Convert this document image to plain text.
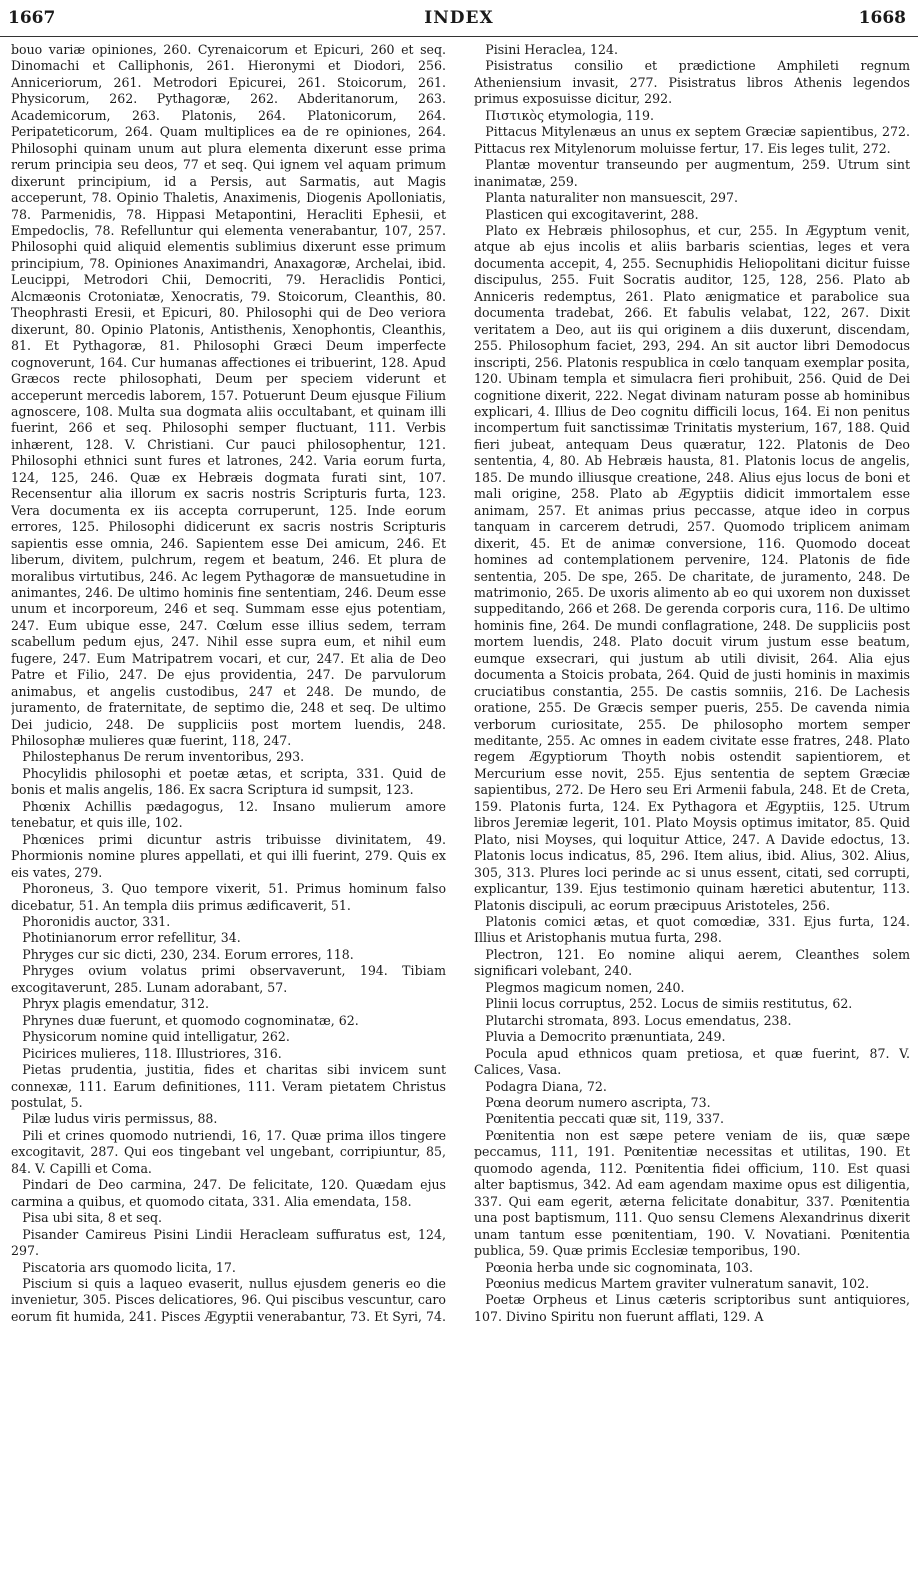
1667	INDEX	1668

bouo variæ opiniones, 260. Cyrenaicorum et Epicuri, 260 et seq. Dinomachi et Calliphonis, 261. Hieronymi et Diodori, 256. Anniceriorum, 261. Metrodori Epicurei, 261. Stoicorum, 261. Physicorum, 262. Pythagoræ, 262. Abderitanorum, 263. Academicorum, 263. Platonis, 264. Platonicorum, 264. Peripateticorum, 264. Quam multiplices ea de re opiniones, 264. Philosophi quinam unum aut plura elementa dixerunt esse prima rerum principia seu deos, 77 et seq. Qui ignem vel aquam primum dixerunt principium, id a Persis, aut Sarmatis, aut Magis acceperunt, 78. Opinio Thaletis, Anaximenis, Diogenis Apolloniatis, 78. Parmenidis, 78. Hippasi Metapontini, Heracliti Ephesii, et Empedoclis, 78. Refelluntur qui elementa venerabantur, 107, 257. Philosophi quid aliquid elementis sublimius dixerunt esse primum principium, 78. Opiniones Anaximandri, Anaxagoræ, Archelai, ibid. Leucippi, Metrodori Chii, Democriti, 79. Heraclidis Pontici, Alcmæonis Crotoniatæ, Xenocratis, 79. Stoicorum, Cleanthis, 80. Theophrasti Eresii, et Epicuri, 80. Philosophi qui de Deo veriora dixerunt, 80. Opinio Platonis, Antisthenis, Xenophontis, Cleanthis, 81. Et Pythagoræ, 81. Philosophi Græci Deum imperfecte cognoverunt, 164. Cur humanas affectiones ei tribuerint, 128. Apud Græcos recte philosophati, Deum per speciem viderunt et acceperunt mercedis laborem, 157. Potuerunt Deum ejusque Filium agnoscere, 108. Multa sua dogmata aliis occultabant, et quinam illi fuerint, 266 et seq. Philosophi semper fluctuant, 111. Verbis inhærent, 128. V. Christiani. Cur pauci philosophentur, 121. Philosophi ethnici sunt fures et latrones, 242. Varia eorum furta, 124, 125, 246. Quæ ex Hebræis dogmata furati sint, 107. Recensentur alia illorum ex sacris nostris Scripturis furta, 123. Vera documenta ex iis accepta corruperunt, 125. Inde eorum errores, 125. Philosophi didicerunt ex sacris nostris Scripturis sapientis esse omnia, 246. Sapientem esse Dei amicum, 246. Et liberum, divitem, pulchrum, regem et beatum, 246. Et plura de moralibus virtutibus, 246. Ac legem Pythagoræ de mansuetudine in animantes, 246. De ultimo hominis fine sententiam, 246. Deum esse unum et incorporeum, 246 et seq. Summam esse ejus potentiam, 247. Eum ubique esse, 247. Cœlum esse illius sedem, terram scabellum pedum ejus, 247. Nihil esse supra eum, et nihil eum fugere, 247. Eum Matripatrem vocari, et cur, 247. Et alia de Deo Patre et Filio, 247. De ejus providentia, 247. De parvulorum animabus, et angelis custodibus, 247 et 248. De mundo, de juramento, de fraternitate, de septimo die, 248 et seq. De ultimo Dei judicio, 248. De suppliciis post mortem luendis, 248. Philosophæ mulieres quæ fuerint, 118, 247.

Philostephanus De rerum inventoribus, 293.

Phocylidis philosophi et poetæ ætas, et scripta, 331. Quid de bonis et malis angelis, 186. Ex sacra Scriptura id sumpsit, 123.

Phœnix Achillis pædagogus, 12. Insano mulierum amore tenebatur, et quis ille, 102.

Phœnices primi dicuntur astris tribuisse divinitatem, 49. Phormionis nomine plures appellati, et qui illi fuerint, 279. Quis ex eis vates, 279.

Phoroneus, 3. Quo tempore vixerit, 51. Primus hominum falso dicebatur, 51. An templa diis primus ædificaverit, 51.

Phoronidis auctor, 331.

Photinianorum error refellitur, 34.

Phryges cur sic dicti, 230, 234. Eorum errores, 118.

Phryges ovium volatus primi observaverunt, 194. Tibiam excogitaverunt, 285. Lunam adorabant, 57.

Phryx plagis emendatur, 312.

Phrynes duæ fuerunt, et quomodo cognominatæ, 62.

Physicorum nomine quid intelligatur, 262.

Picirices mulieres, 118. Illustriores, 316.

Pietas prudentia, justitia, fides et charitas sibi invicem sunt connexæ, 111. Earum definitiones, 111. Veram pietatem Christus postulat, 5.

Pilæ ludus viris permissus, 88.

Pili et crines quomodo nutriendi, 16, 17. Quæ prima illos tingere excogitavit, 287. Qui eos tingebant vel ungebant, corripiuntur, 85, 84. V. Capilli et Coma.

Pindari de Deo carmina, 247. De felicitate, 120. Quædam ejus carmina a quibus, et quomodo citata, 331. Alia emendata, 158.

Pisa ubi sita, 8 et seq.

Pisander Camireus Pisini Lindii Heracleam suffuratus est, 124, 297.

Piscatoria ars quomodo licita, 17.

Piscium si quis a laqueo evaserit, nullus ejusdem generis eo die invenietur, 305. Pisces delicatiores, 96. Qui piscibus vescuntur, caro eorum fit humida, 241. Pisces Ægyptii venerabantur, 73. Et Syri, 74.

Pisini Heraclea, 124.

Pisistratus consilio et prædictione Amphileti regnum Atheniensium invasit, 277. Pisistratus libros Athenis legendos primus exposuisse dicitur, 292.

Πιστικὸς etymologia, 119.

Pittacus Mitylenæus an unus ex septem Græciæ sapientibus, 272. Pittacus rex Mitylenorum moluisse fertur, 17. Eis leges tulit, 272.

Plantæ moventur transeundo per augmentum, 259. Utrum sint inanimatæ, 259.

Planta naturaliter non mansuescit, 297.

Plasticen qui excogitaverint, 288.

Plato ex Hebræis philosophus, et cur, 255. In Ægyptum venit, atque ab ejus incolis et aliis barbaris scientias, leges et vera documenta accepit, 4, 255. Secnuphidis Heliopolitani dicitur fuisse discipulus, 255. Fuit Socratis auditor, 125, 128, 256. Plato ab Anniceris redemptus, 261. Plato ænigmatice et parabolice sua documenta tradebat, 266. Et fabulis velabat, 122, 267. Dixit veritatem a Deo, aut iis qui originem a diis duxerunt, discendam, 255. Philosophum faciet, 293, 294. An sit auctor libri Demodocus inscripti, 256. Platonis respublica in cœlo tanquam exemplar posita, 120. Ubinam templa et simulacra fieri prohibuit, 256. Quid de Dei cognitione dixerit, 222. Negat divinam naturam posse ab hominibus explicari, 4. Illius de Deo cognitu difficili locus, 164. Ei non penitus incompertum fuit sanctissimæ Trinitatis mysterium, 167, 188. Quid fieri jubeat, antequam Deus quæratur, 122. Platonis de Deo sententia, 4, 80. Ab Hebræis hausta, 81. Platonis locus de angelis, 185. De mundo illiusque creatione, 248. Alius ejus locus de boni et mali origine, 258. Plato ab Ægyptiis didicit immortalem esse animam, 257. Et animas prius peccasse, atque ideo in corpus tanquam in carcerem detrudi, 257. Quomodo triplicem animam dixerit, 45. Et de animæ conversione, 116. Quomodo doceat homines ad contemplationem pervenire, 124. Platonis de fide sententia, 205. De spe, 265. De charitate, de juramento, 248. De matrimonio, 265. De uxoris alimento ab eo qui uxorem non duxisset suppeditando, 266 et 268. De gerenda corporis cura, 116. De ultimo hominis fine, 264. De mundi conflagratione, 248. De suppliciis post mortem luendis, 248. Plato docuit virum justum esse beatum, eumque exsecrari, qui justum ab utili divisit, 264. Alia ejus documenta a Stoicis probata, 264. Quid de justi hominis in maximis cruciatibus constantia, 255. De castis somniis, 216. De Lachesis oratione, 255. De Græcis semper pueris, 255. De cavenda nimia verborum curiositate, 255. De philosopho mortem semper meditante, 255. Ac omnes in eadem civitate esse fratres, 248. Plato regem Ægyptiorum Thoyth nobis ostendit sapientiorem, et Mercurium esse novit, 255. Ejus sententia de septem Græciæ sapientibus, 272. De Hero seu Eri Armenii fabula, 248. Et de Creta, 159. Platonis furta, 124. Ex Pythagora et Ægyptiis, 125. Utrum libros Jeremiæ legerit, 101. Plato Moysis optimus imitator, 85. Quid Plato, nisi Moyses, qui loquitur Attice, 247. A Davide edoctus, 13. Platonis locus indicatus, 85, 296. Item alius, ibid. Alius, 302. Alius, 305, 313. Plures loci perinde ac si unus essent, citati, sed corrupti, explicantur, 139. Ejus testimonio quinam hæretici abutentur, 113. Platonis discipuli, ac eorum præcipuus Aristoteles, 256.

Platonis comici ætas, et quot comœdiæ, 331. Ejus furta, 124. Illius et Aristophanis mutua furta, 298.

Plectron, 121. Eo nomine aliqui aerem, Cleanthes solem significari volebant, 240.

Plegmos magicum nomen, 240.

Plinii locus corruptus, 252. Locus de simiis restitutus, 62.

Plutarchi stromata, 893. Locus emendatus, 238.

Pluvia a Democrito prænuntiata, 249.

Pocula apud ethnicos quam pretiosa, et quæ fuerint, 87. V. Calices, Vasa.

Podagra Diana, 72.

Pœna deorum numero ascripta, 73.

Pœnitentia peccati quæ sit, 119, 337.

Pœnitentia non est sæpe petere veniam de iis, quæ sæpe peccamus, 111, 191. Pœnitentiæ necessitas et utilitas, 190. Et quomodo agenda, 112. Pœnitentia fidei officium, 110. Est quasi alter baptismus, 342. Ad eam agendam maxime opus est diligentia, 337. Qui eam egerit, æterna felicitate donabitur, 337. Pœnitentia una post baptismum, 111. Quo sensu Clemens Alexandrinus dixerit unam tantum esse pœnitentiam, 190. V. Novatiani. Pœnitentia publica, 59. Quæ primis Ecclesiæ temporibus, 190.

Pœonia herba unde sic cognominata, 103.

Pœonius medicus Martem graviter vulneratum sanavit, 102.

Poetæ Orpheus et Linus cæteris scriptoribus sunt antiquiores, 107. Divino Spiritu non fuerunt afflati, 129. A
